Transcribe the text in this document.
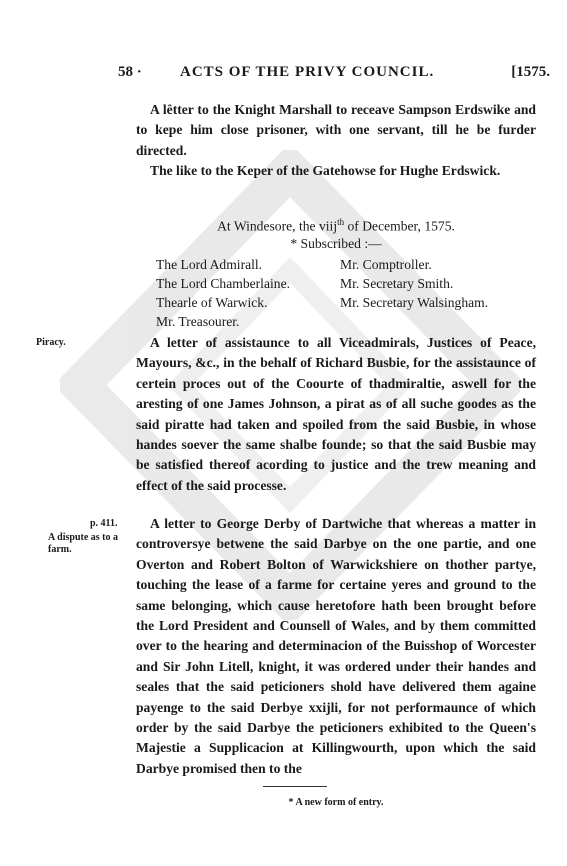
58 ·	ACTS OF THE PRIVY COUNCIL.	[1575.
A lêtter to the Knight Marshall to receave Sampson Erdswike and to kepe him close prisoner, with one servant, till he be furder directed.
The like to the Keper of the Gatehowse for Hughe Erdswick.
At Windesore, the viij$^{th}$ of December, 1575.
* Subscribed :—
The Lord Admirall.	Mr. Comptroller.
The Lord Chamberlaine.	Mr. Secretary Smith.
Thearle of Warwick.	Mr. Secretary Walsingham.
Mr. Treasourer.
Piracy.	A letter of assistaunce to all Viceadmirals, Justices of Peace, Mayours, &c., in the behalf of Richard Busbie, for the assistaunce of certein proces out of the Coourte of thadmiraltie, aswell for the aresting of one James Johnson, a pirat as of all suche goodes as the said piratte had taken and spoiled from the said Busbie, in whose handes soever the same shalbe founde; so that the said Busbie may be satisfied thereof acording to justice and the trew meaning and effect of the said processe.
p. 411.
A dispute as to a farm.
A letter to George Derby of Dartwiche that whereas a matter in controversye betwene the said Darbye on the one partie, and one Overton and Robert Bolton of Warwickshiere on thother partye, touching the lease of a farme for certaine yeres and ground to the same belonging, which cause heretofore hath been brought before the Lord President and Counsell of Wales, and by them committed over to the hearing and determinacion of the Buisshop of Worcester and Sir John Litell, knight, it was ordered under their handes and seales that the said peticioners shold have delivered them againe payenge to the said Derbye xxijli, for not performaunce of which order by the said Darbye the peticioners exhibited to the Queen's Majestie a Supplicacion at Killingwourth, upon which the said Darbye promised then to the
* A new form of entry.
